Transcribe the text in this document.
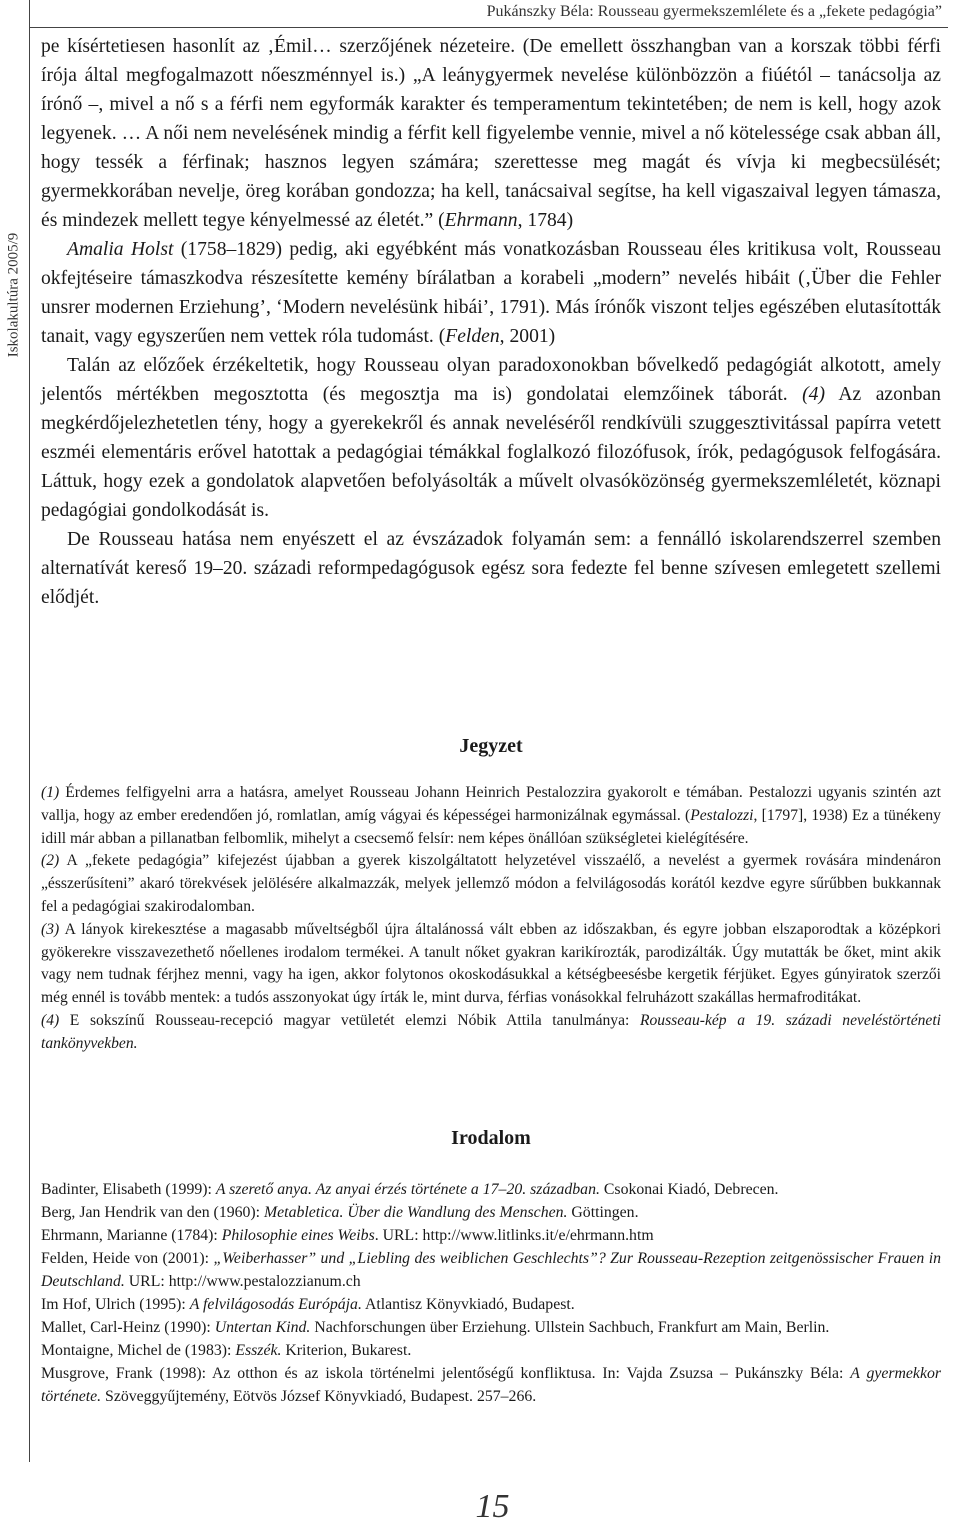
Iskolakultúra 2005/9
Pukánszky Béla: Rousseau gyermekszemlélete és a „fekete pedagógia”

pe kísértetiesen hasonlít az ‚Émil… szerzőjének nézeteire. (De emellett összhangban van a korszak többi férfi írója által megfogalmazott nőeszménnyel is.) „A leánygyermek nevelése különbözzön a fiúétól – tanácsolja az írónő –, mivel a nő s a férfi nem egyformák karakter és temperamentum tekintetében; de nem is kell, hogy azok legyenek. … A női nem nevelésének mindig a férfit kell figyelembe vennie, mivel a nő kötelessége csak abban áll, hogy tessék a férfinak; hasznos legyen számára; szerettesse meg magát és vívja ki megbecsülését; gyermekkorában nevelje, öreg korában gondozza; ha kell, tanácsaival segítse, ha kell vigaszaival legyen támasza, és mindezek mellett tegye kényelmessé az életét.” (Ehrmann, 1784)

Amalia Holst (1758–1829) pedig, aki egyébként más vonatkozásban Rousseau éles kritikusa volt, Rousseau okfejtéseire támaszkodva részesítette kemény bírálatban a korabeli „modern” nevelés hibáit (‚Über die Fehler unsrer modernen Erziehung’, ‘Modern nevelésünk hibái’, 1791). Más írónők viszont teljes egészében elutasították tanait, vagy egyszerűen nem vettek róla tudomást. (Felden, 2001)

Talán az előzőek érzékeltetik, hogy Rousseau olyan paradoxonokban bővelkedő pedagógiát alkotott, amely jelentős mértékben megosztotta (és megosztja ma is) gondolatai elemzőinek táborát. (4) Az azonban megkérdőjelezhetetlen tény, hogy a gyerekekről és annak neveléséről rendkívüli szuggesztivitással papírra vetett eszméi elementáris erővel hatottak a pedagógiai témákkal foglalkozó filozófusok, írók, pedagógusok felfogására. Láttuk, hogy ezek a gondolatok alapvetően befolyásolták a művelt olvasóközönség gyermekszemléletét, köznapi pedagógiai gondolkodását is.

De Rousseau hatása nem enyészett el az évszázadok folyamán sem: a fennálló iskolarendszerrel szemben alternatívát kereső 19–20. századi reformpedagógusok egész sora fedezte fel benne szívesen emlegetett szellemi elődjét.

Jegyzet

(1) Érdemes felfigyelni arra a hatásra, amelyet Rousseau Johann Heinrich Pestalozzira gyakorolt e témában. Pestalozzi ugyanis szintén azt vallja, hogy az ember eredendően jó, romlatlan, amíg vágyai és képességei harmonizálnak egymással. (Pestalozzi, [1797], 1938) Ez a tünékeny idill már abban a pillanatban felbomlik, mihelyt a csecsemő felsír: nem képes önállóan szükségletei kielégítésére.

(2) A „fekete pedagógia” kifejezést újabban a gyerek kiszolgáltatott helyzetével visszaélő, a nevelést a gyermek rovására mindenáron „ésszerűsíteni” akaró törekvések jelölésére alkalmazzák, melyek jellemző módon a felvilágosodás korától kezdve egyre sűrűbben bukkannak fel a pedagógiai szakirodalomban.

(3) A lányok kirekesztése a magasabb műveltségből újra általánossá vált ebben az időszakban, és egyre jobban elszaporodtak a középkori gyökerekre visszavezethető nőellenes irodalom termékei. A tanult nőket gyakran karikírozták, parodizálták. Úgy mutatták be őket, mint akik vagy nem tudnak férjhez menni, vagy ha igen, akkor folytonos okoskodásukkal a kétségbeesésbe kergetik férjüket. Egyes gúnyiratok szerzői még ennél is tovább mentek: a tudós asszonyokat úgy írták le, mint durva, férfias vonásokkal felruházott szakállas hermafroditákat.

(4) E sokszínű Rousseau-recepció magyar vetületét elemzi Nóbik Attila tanulmánya: Rousseau-kép a 19. századi neveléstörténeti tankönyvekben.

Irodalom

Badinter, Elisabeth (1999): A szerető anya. Az anyai érzés története a 17–20. században. Csokonai Kiadó, Debrecen.

Berg, Jan Hendrik van den (1960): Metabletica. Über die Wandlung des Menschen. Göttingen.

Ehrmann, Marianne (1784): Philosophie eines Weibs. URL: http://www.litlinks.it/e/ehrmann.htm

Felden, Heide von (2001): „Weiberhasser” und „Liebling des weiblichen Geschlechts”? Zur Rousseau-Rezeption zeitgenössischer Frauen in Deutschland. URL: http://www.pestalozzianum.ch

Im Hof, Ulrich (1995): A felvilágosodás Európája. Atlantisz Könyvkiadó, Budapest.

Mallet, Carl-Heinz (1990): Untertan Kind. Nachforschungen über Erziehung. Ullstein Sachbuch, Frankfurt am Main, Berlin.

Montaigne, Michel de (1983): Esszék. Kriterion, Bukarest.

Musgrove, Frank (1998): Az otthon és az iskola történelmi jelentőségű konfliktusa. In: Vajda Zsuzsa – Pukánszky Béla: A gyermekkor története. Szöveggyűjtemény, Eötvös József Könyvkiadó, Budapest. 257–266.

15
